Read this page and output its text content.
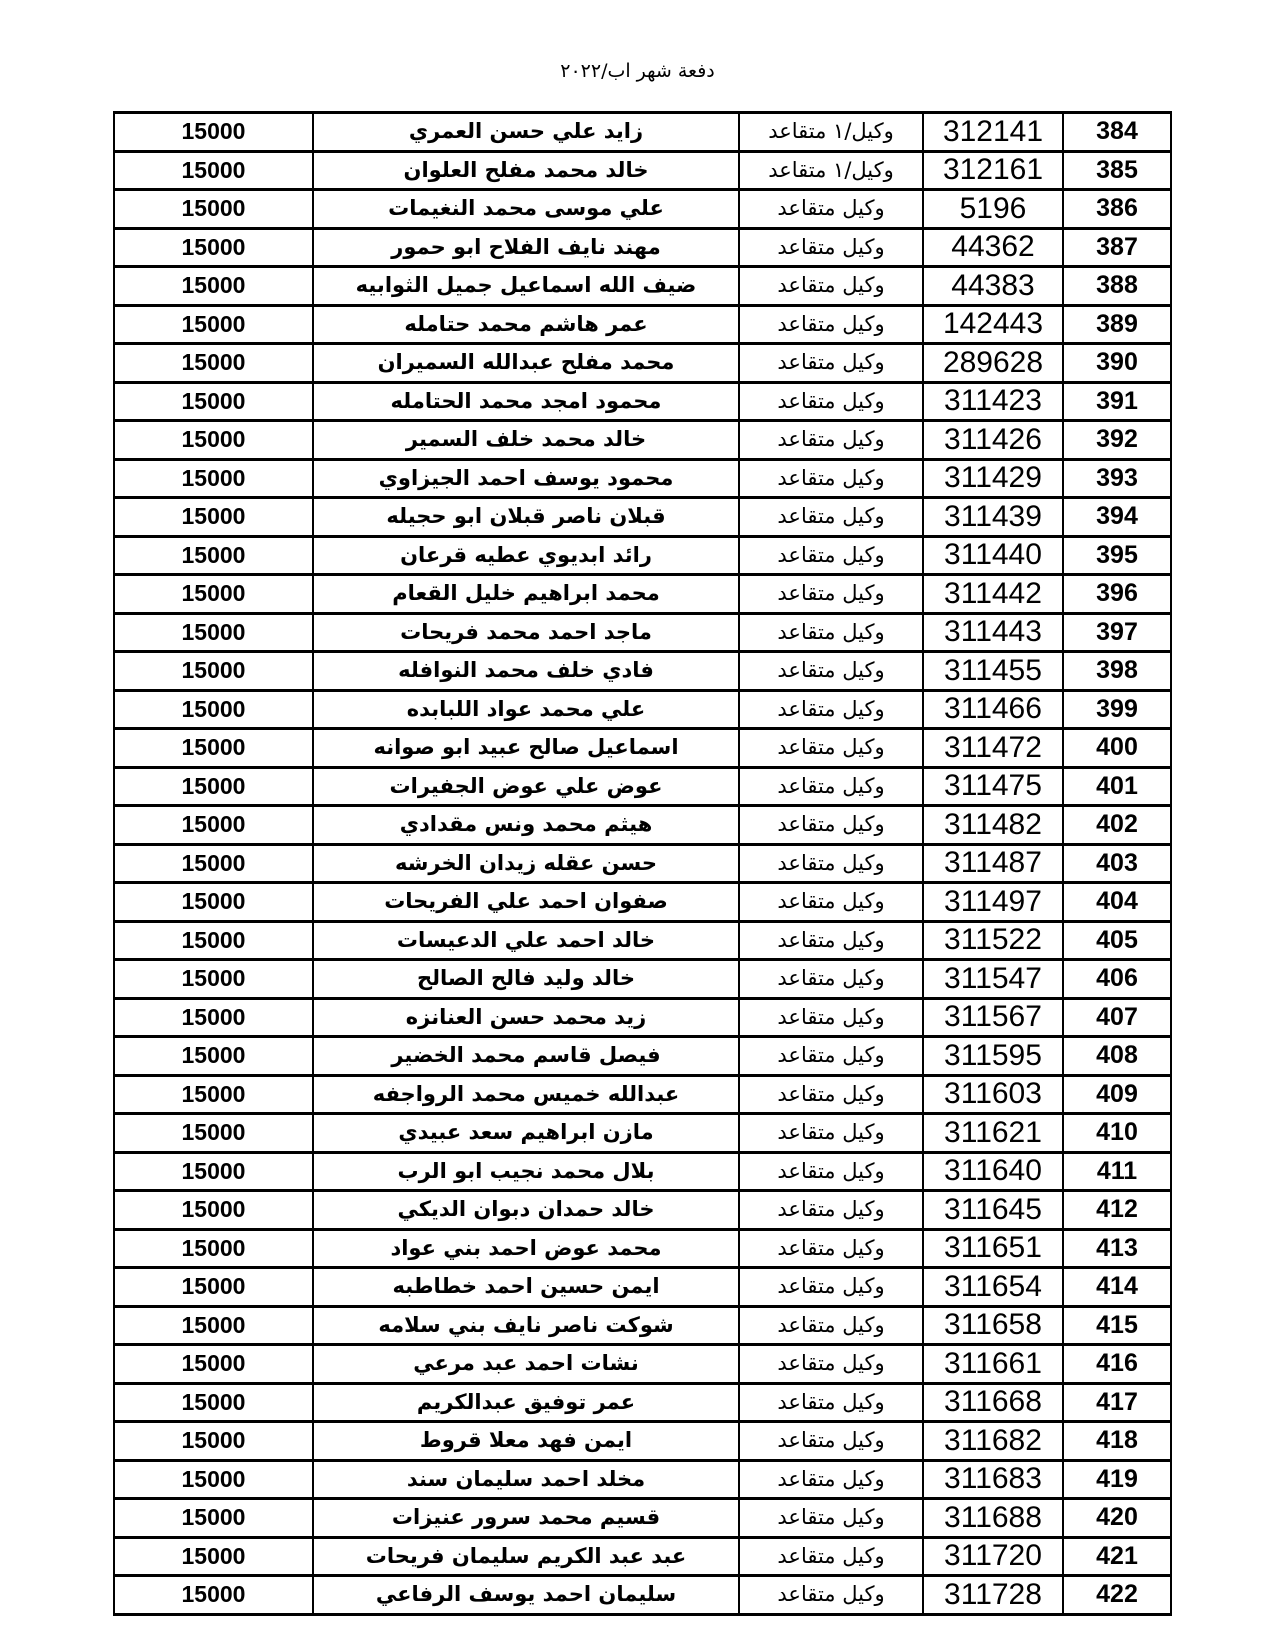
دفعة شهر اب/٢٠٢٢
384	312141	وكيل/١ متقاعد	زايد علي حسن العمري	15000
385	312161	وكيل/١ متقاعد	خالد محمد مفلح العلوان	15000
386	5196	وكيل متقاعد	علي موسى محمد النغيمات	15000
387	44362	وكيل متقاعد	مهند نايف الفلاح ابو حمور	15000
388	44383	وكيل متقاعد	ضيف الله اسماعيل جميل الثوابيه	15000
389	142443	وكيل متقاعد	عمر هاشم محمد حتامله	15000
390	289628	وكيل متقاعد	محمد مفلح عبدالله السميران	15000
391	311423	وكيل متقاعد	محمود امجد محمد الحتامله	15000
392	311426	وكيل متقاعد	خالد محمد خلف السمير	15000
393	311429	وكيل متقاعد	محمود يوسف احمد الجيزاوي	15000
394	311439	وكيل متقاعد	قبلان ناصر قبلان ابو حجيله	15000
395	311440	وكيل متقاعد	رائد ابديوي عطيه قرعان	15000
396	311442	وكيل متقاعد	محمد ابراهيم خليل القعام	15000
397	311443	وكيل متقاعد	ماجد احمد محمد فريحات	15000
398	311455	وكيل متقاعد	فادي خلف محمد النوافله	15000
399	311466	وكيل متقاعد	علي محمد عواد اللبابده	15000
400	311472	وكيل متقاعد	اسماعيل صالح عبيد ابو صوانه	15000
401	311475	وكيل متقاعد	عوض علي عوض الجفيرات	15000
402	311482	وكيل متقاعد	هيثم محمد ونس مقدادي	15000
403	311487	وكيل متقاعد	حسن عقله زيدان الخرشه	15000
404	311497	وكيل متقاعد	صفوان احمد علي الفريحات	15000
405	311522	وكيل متقاعد	خالد احمد علي الدعيسات	15000
406	311547	وكيل متقاعد	خالد وليد فالح الصالح	15000
407	311567	وكيل متقاعد	زيد محمد حسن العنانزه	15000
408	311595	وكيل متقاعد	فيصل قاسم محمد الخضير	15000
409	311603	وكيل متقاعد	عبدالله خميس محمد الرواجفه	15000
410	311621	وكيل متقاعد	مازن ابراهيم سعد عبيدي	15000
411	311640	وكيل متقاعد	بلال محمد نجيب ابو الرب	15000
412	311645	وكيل متقاعد	خالد حمدان دبوان الديكي	15000
413	311651	وكيل متقاعد	محمد عوض احمد بني عواد	15000
414	311654	وكيل متقاعد	ايمن حسين احمد خطاطبه	15000
415	311658	وكيل متقاعد	شوكت ناصر نايف بني سلامه	15000
416	311661	وكيل متقاعد	نشات احمد عبد مرعي	15000
417	311668	وكيل متقاعد	عمر توفيق عبدالكريم	15000
418	311682	وكيل متقاعد	ايمن فهد معلا قروط	15000
419	311683	وكيل متقاعد	مخلد احمد سليمان سند	15000
420	311688	وكيل متقاعد	قسيم محمد سرور عنيزات	15000
421	311720	وكيل متقاعد	عبد عبد الكريم سليمان فريحات	15000
422	311728	وكيل متقاعد	سليمان احمد يوسف الرفاعي	15000
